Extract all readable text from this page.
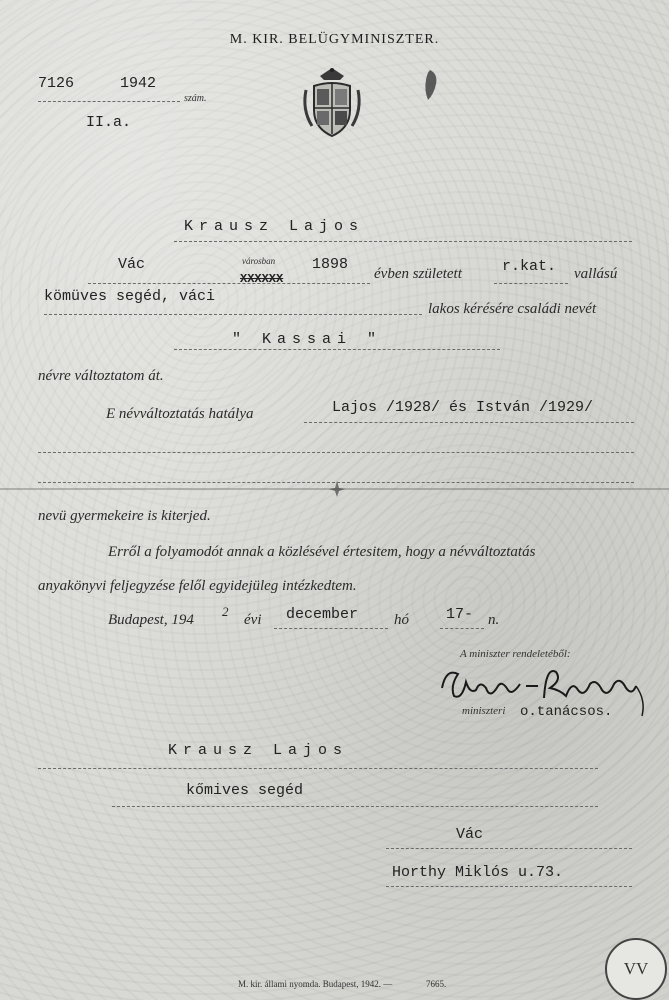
M. KIR. BELÜGYMINISZTER.
7126	1942
szám.
II.a.
Krausz Lajos
Vác	városban
XXXXXX
1898
évben született	r.kat. vallású
kömüves segéd, váci
lakos kérésére családi nevét
" Kassai "
névre változtatom át.
E névváltoztatás hatálya	Lajos /1928/ és István /1929/
nevü gyermekeire is kiterjed.
Erről a folyamodót annak a közlésével értesitem, hogy a névváltoztatás
anyakönyvi feljegyzése felől egyidejüleg intézkedtem.
Budapest, 194
2
évi december hó 17- n.
A miniszter rendeletéből:
miniszteri o.tanácsos.
Krausz Lajos
kőmives segéd
Vác
Horthy Miklós u.73.
M. kir. állami nyomda. Budapest, 1942. —	7665.
VV
